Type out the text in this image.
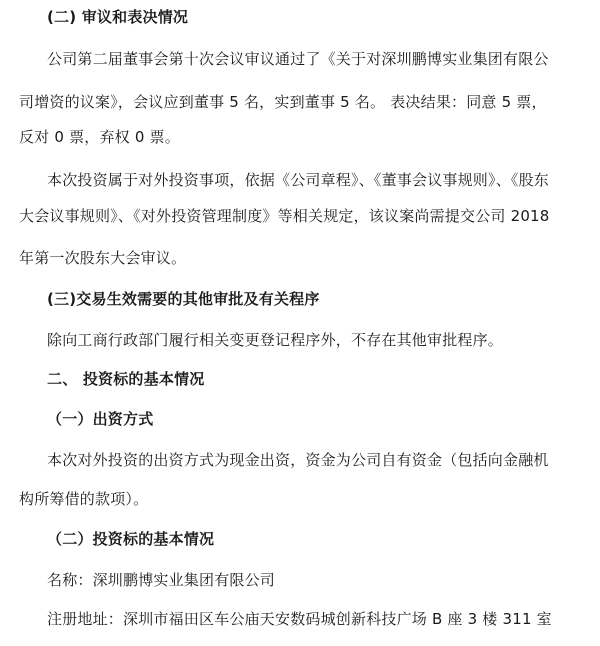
(二) 审议和表决情况
公司第二届董事会第十次会议审议通过了《关于对深圳鹏博实业集团有限公
司增资的议案》，会议应到董事 5 名，实到董事 5 名。 表决结果：同意 5 票，
反对 0 票，弃权 0 票。
本次投资属于对外投资事项，依据《公司章程》、《董事会议事规则》、《股东
大会议事规则》、《对外投资管理制度》等相关规定，该议案尚需提交公司 2018
年第一次股东大会审议。
(三)交易生效需要的其他审批及有关程序
除向工商行政部门履行相关变更登记程序外，不存在其他审批程序。
二、 投资标的基本情况
（一）出资方式
本次对外投资的出资方式为现金出资，资金为公司自有资金（包括向金融机
构所筹借的款项）。
（二）投资标的基本情况
名称：深圳鹏博实业集团有限公司
注册地址：深圳市福田区车公庙天安数码城创新科技广场 B 座 3 楼 311 室
